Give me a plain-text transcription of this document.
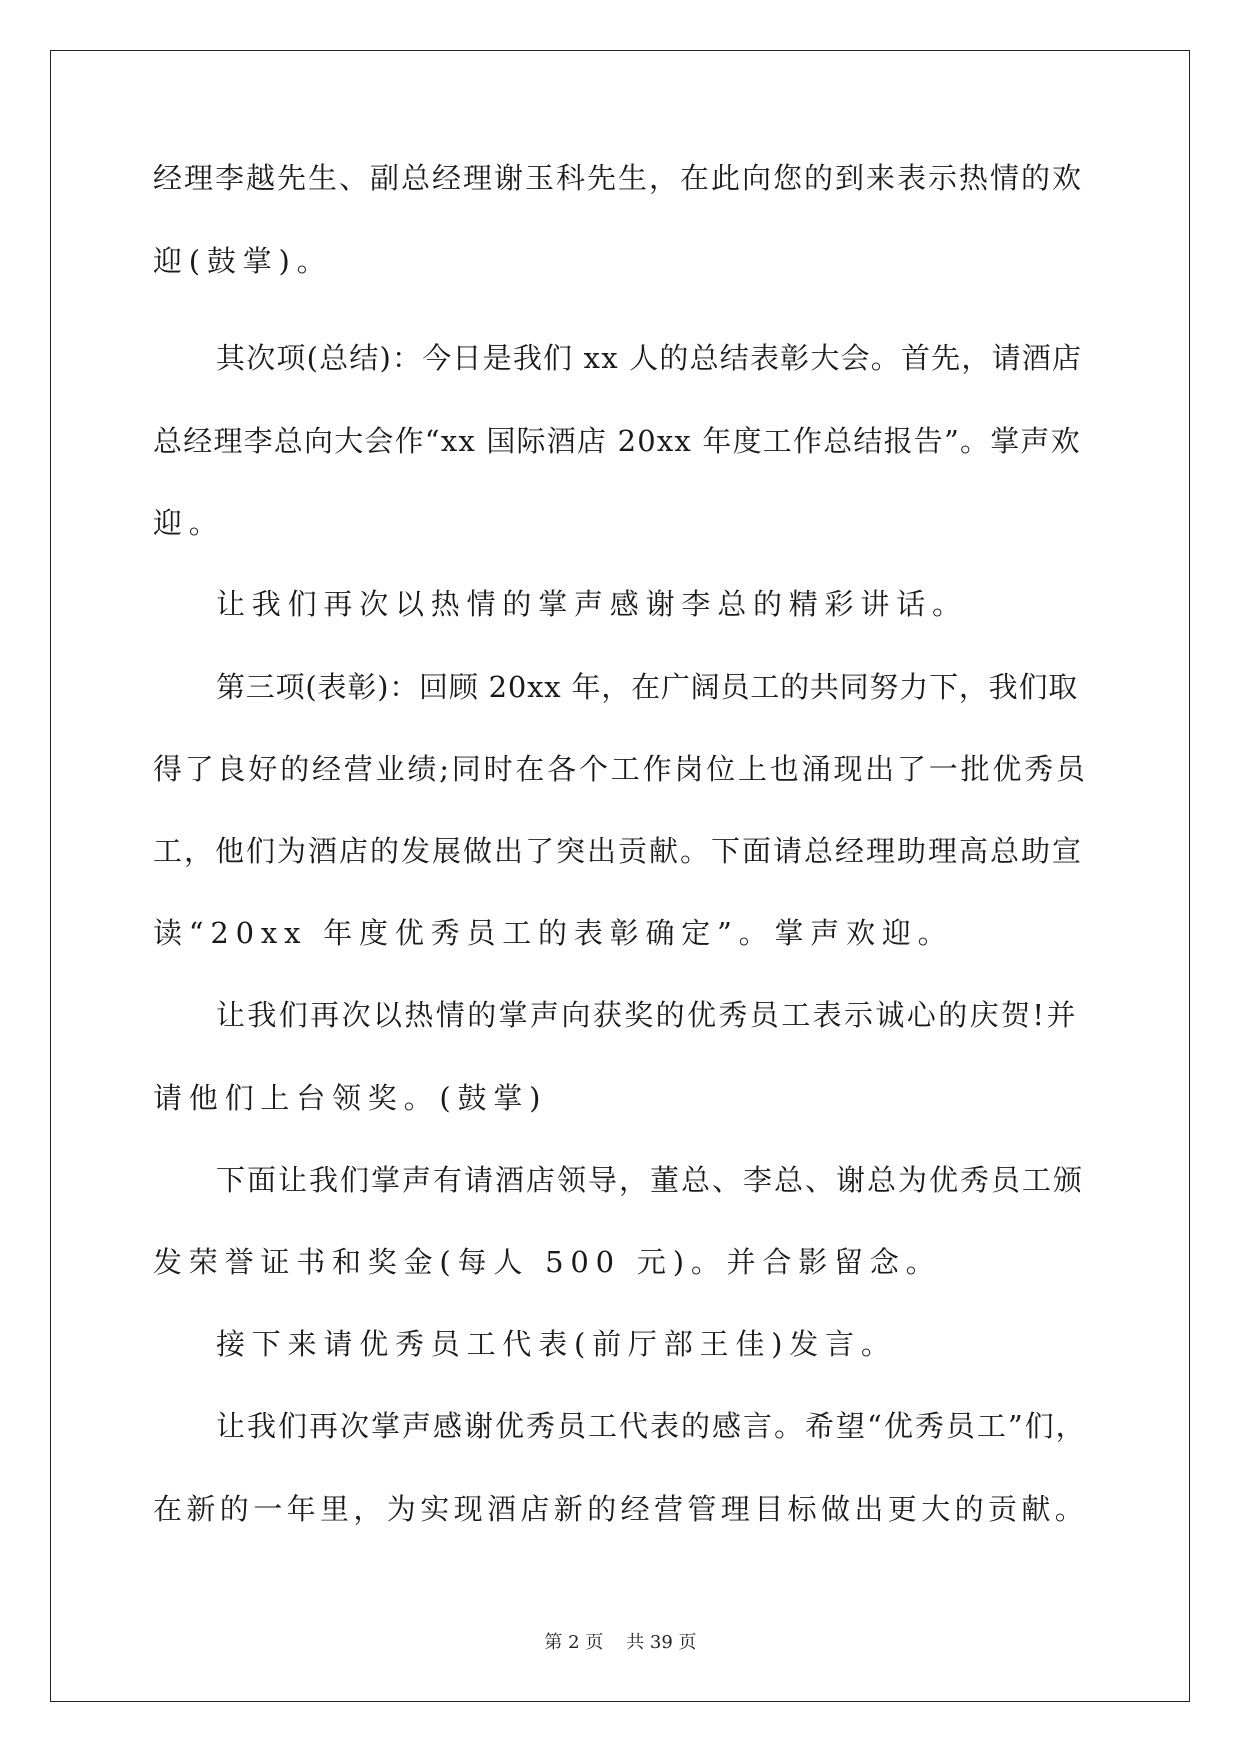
经理李越先生、副总经理谢玉科先生，在此向您的到来表示热情的欢
迎(鼓掌)。
其次项(总结)：今日是我们 xx 人的总结表彰大会。首先，请酒店
总经理李总向大会作“xx 国际酒店 20xx 年度工作总结报告”。掌声欢
迎。
让我们再次以热情的掌声感谢李总的精彩讲话。
第三项(表彰)：回顾 20xx 年，在广阔员工的共同努力下，我们取
得了良好的经营业绩;同时在各个工作岗位上也涌现出了一批优秀员
工，他们为酒店的发展做出了突出贡献。下面请总经理助理高总助宣
读“20xx 年度优秀员工的表彰确定”。掌声欢迎。
让我们再次以热情的掌声向获奖的优秀员工表示诚心的庆贺!并
请他们上台领奖。(鼓掌)
下面让我们掌声有请酒店领导，董总、李总、谢总为优秀员工颁
发荣誉证书和奖金(每人 500 元)。并合影留念。
接下来请优秀员工代表(前厅部王佳)发言。
让我们再次掌声感谢优秀员工代表的感言。希望“优秀员工”们，
在新的一年里，为实现酒店新的经营管理目标做出更大的贡献。
第 2 页    共 39 页
